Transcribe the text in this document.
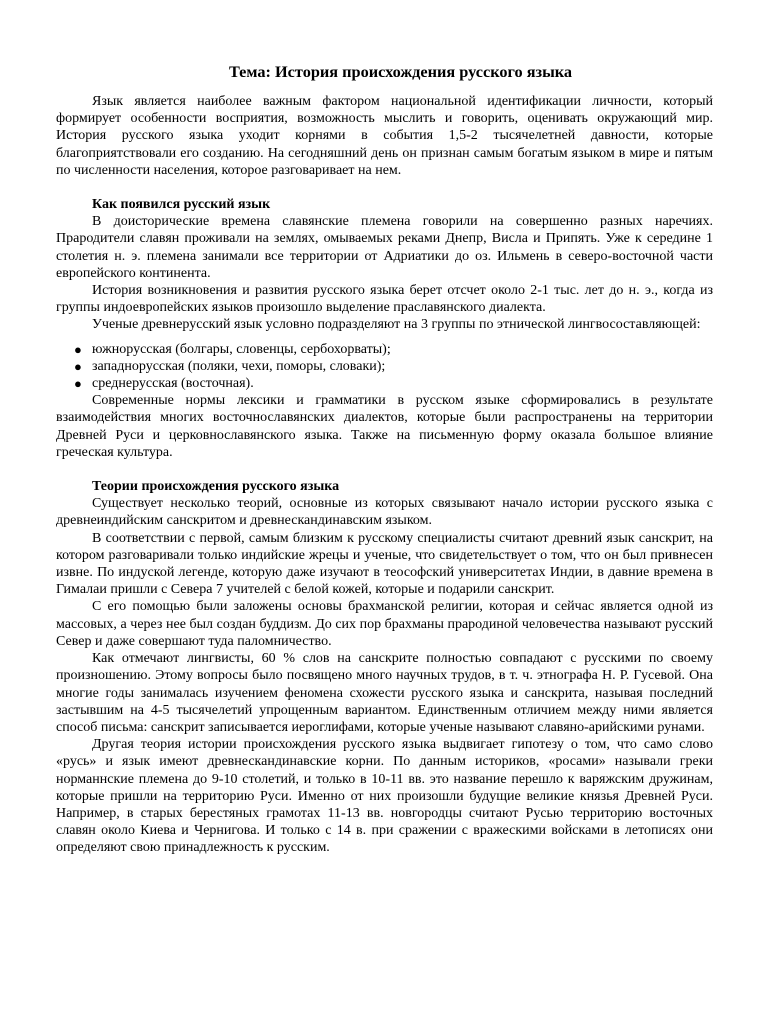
Тема: История происхождения русского языка

Язык является наиболее важным фактором национальной идентификации личности, который формирует особенности восприятия, возможность мыслить и говорить, оценивать окружающий мир. История русского языка уходит корнями в события 1,5-2 тысячелетней давности, которые благоприятствовали его созданию. На сегодняшний день он признан самым богатым языком в мире и пятым по численности населения, которое разговаривает на нем.

Как появился русский язык

В доисторические времена славянские племена говорили на совершенно разных наречиях. Прародители славян проживали на землях, омываемых реками Днепр, Висла и Припять. Уже к середине 1 столетия н. э. племена занимали все территории от Адриатики до оз. Ильмень в северо-восточной части европейского континента.

История возникновения и развития русского языка берет отсчет около 2-1 тыс. лет до н. э., когда из группы индоевропейских языков произошло выделение праславянского диалекта.

Ученые древнерусский язык условно подразделяют на 3 группы по этнической лингвосоставляющей:

● южнорусская (болгары, словенцы, сербохорваты);
● западнорусская (поляки, чехи, поморы, словаки);
● среднерусская (восточная).

Современные нормы лексики и грамматики в русском языке сформировались в результате взаимодействия многих восточнославянских диалектов, которые были распространены на территории Древней Руси и церковнославянского языка. Также на письменную форму оказала большое влияние греческая культура.

Теории происхождения русского языка

Существует несколько теорий, основные из которых связывают начало истории русского языка с древнеиндийским санскритом и древнескандинавским языком.

В соответствии с первой, самым близким к русскому специалисты считают древний язык санскрит, на котором разговаривали только индийские жрецы и ученые, что свидетельствует о том, что он был привнесен извне. По индуской легенде, которую даже изучают в теософский университетах Индии, в давние времена в Гималаи пришли с Севера 7 учителей с белой кожей, которые и подарили санскрит.

С его помощью были заложены основы брахманской религии, которая и сейчас является одной из массовых, а через нее был создан буддизм. До сих пор брахманы прародиной человечества называют русский Север и даже совершают туда паломничество.

Как отмечают лингвисты, 60 % слов на санскрите полностью совпадают с русскими по своему произношению. Этому вопросы было посвящено много научных трудов, в т. ч. этнографа Н. Р. Гусевой. Она многие годы занималась изучением феномена схожести русского языка и санскрита, называя последний застывшим на 4-5 тысячелетий упрощенным вариантом. Единственным отличием между ними является способ письма: санскрит записывается иероглифами, которые ученые называют славяно-арийскими рунами.

Другая теория истории происхождения русского языка выдвигает гипотезу о том, что само слово «русь» и язык имеют древнескандинавские корни. По данным историков, «росами» называли греки норманнские племена до 9-10 столетий, и только в 10-11 вв. это название перешло к варяжским дружинам, которые пришли на территорию Руси. Именно от них произошли будущие великие князья Древней Руси. Например, в старых берестяных грамотах 11-13 вв. новгородцы считают Русью территорию восточных славян около Киева и Чернигова. И только с 14 в. при сражении с вражескими войсками в летописях они определяют свою принадлежность к русским.
